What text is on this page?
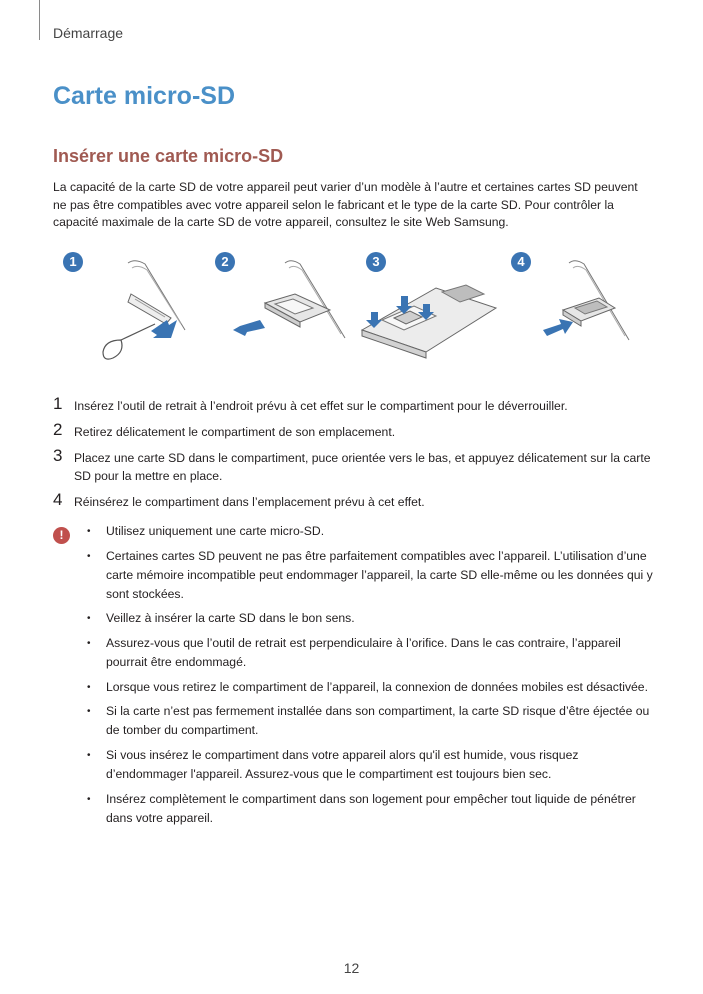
Démarrage
Carte micro-SD
Insérer une carte micro-SD

La capacité de la carte SD de votre appareil peut varier d’un modèle à l’autre et certaines cartes SD peuvent ne pas être compatibles avec votre appareil selon le fabricant et le type de la carte SD. Pour contrôler la capacité maximale de la carte SD de votre appareil, consultez le site Web Samsung.

1	2	3	4
1 Insérez l’outil de retrait à l’endroit prévu à cet effet sur le compartiment pour le déverrouiller.
2 Retirez délicatement le compartiment de son emplacement.
3 Placez une carte SD dans le compartiment, puce orientée vers le bas, et appuyez délicatement sur la carte SD pour la mettre en place.
4 Réinsérez le compartiment dans l’emplacement prévu à cet effet.
!
•	Utilisez uniquement une carte micro-SD.
• Certaines cartes SD peuvent ne pas être parfaitement compatibles avec l’appareil. L’utilisation d’une carte mémoire incompatible peut endommager l’appareil, la carte SD elle-même ou les données qui y sont stockées.
• Veillez à insérer la carte SD dans le bon sens.
• Assurez-vous que l’outil de retrait est perpendiculaire à l’orifice. Dans le cas contraire, l’appareil pourrait être endommagé.
• Lorsque vous retirez le compartiment de l’appareil, la connexion de données mobiles est désactivée.
• Si la carte n’est pas fermement installée dans son compartiment, la carte SD risque d’être éjectée ou de tomber du compartiment.
• Si vous insérez le compartiment dans votre appareil alors qu'il est humide, vous risquez d’endommager l'appareil. Assurez-vous que le compartiment est toujours bien sec.
• Insérez complètement le compartiment dans son logement pour empêcher tout liquide de pénétrer dans votre appareil.
12
